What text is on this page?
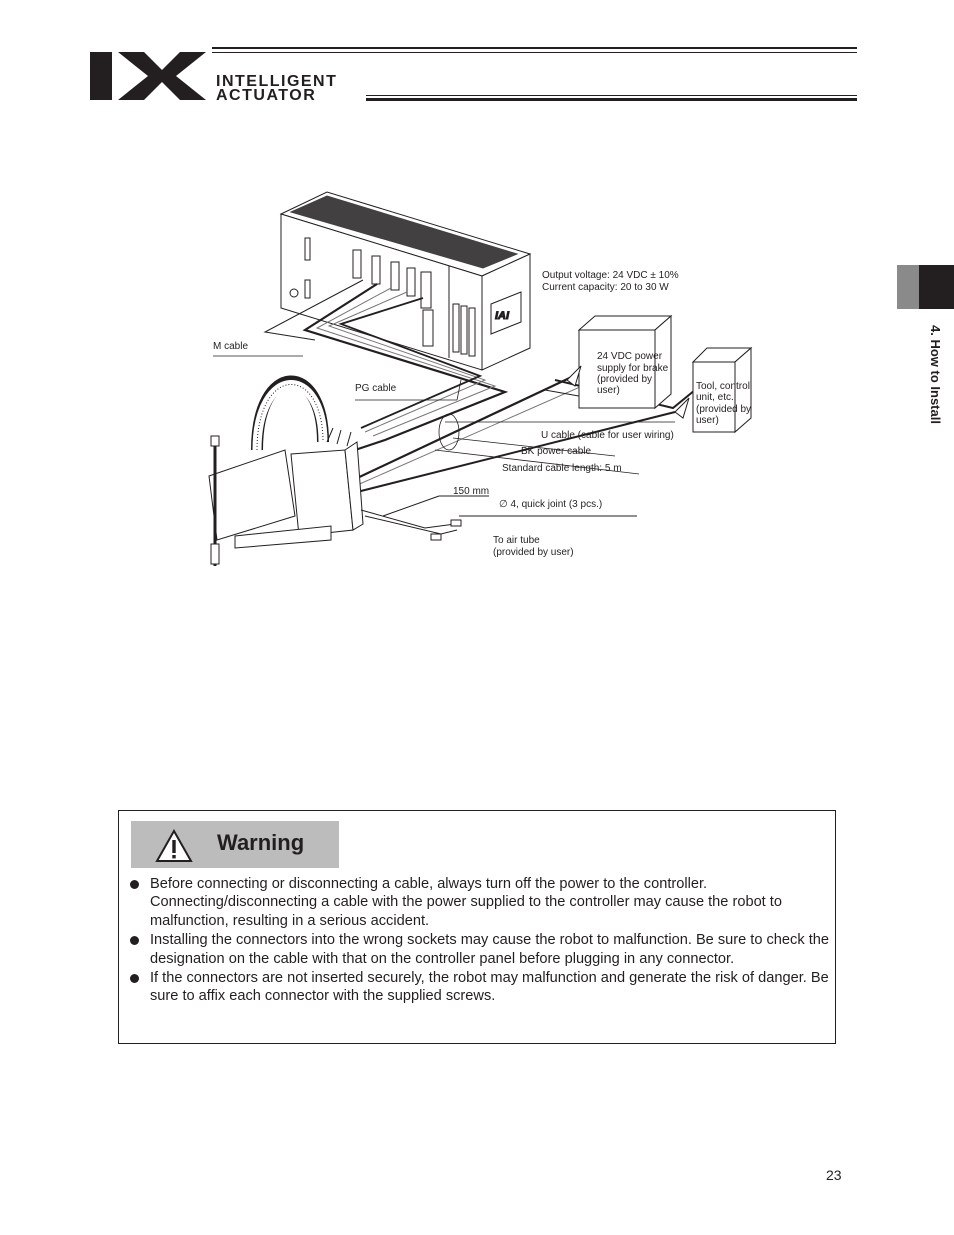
INTELLIGENT
ACTUATOR
4. How to Install
IAI
Output voltage: 24 VDC ± 10%
Current capacity: 20 to 30 W
M cable
PG cable
24 VDC power
supply for brake
(provided by
user)	Tool, control
unit, etc.
(provided by
user)
U cable (cable for user wiring)
BK power cable
Standard cable length: 5 m
150 mm
∅ 4, quick joint (3 pcs.)
To air tube
(provided by user)
Warning
Before connecting or disconnecting a cable, always turn off the power to the controller. Connecting/disconnecting a cable with the power supplied to the controller may cause the robot to malfunction, resulting in a serious accident.
Installing the connectors into the wrong sockets may cause the robot to malfunction. Be sure to check the designation on the cable with that on the controller panel before plugging in any connector.
If the connectors are not inserted securely, the robot may malfunction and generate the risk of danger. Be sure to affix each connector with the supplied screws.
23
